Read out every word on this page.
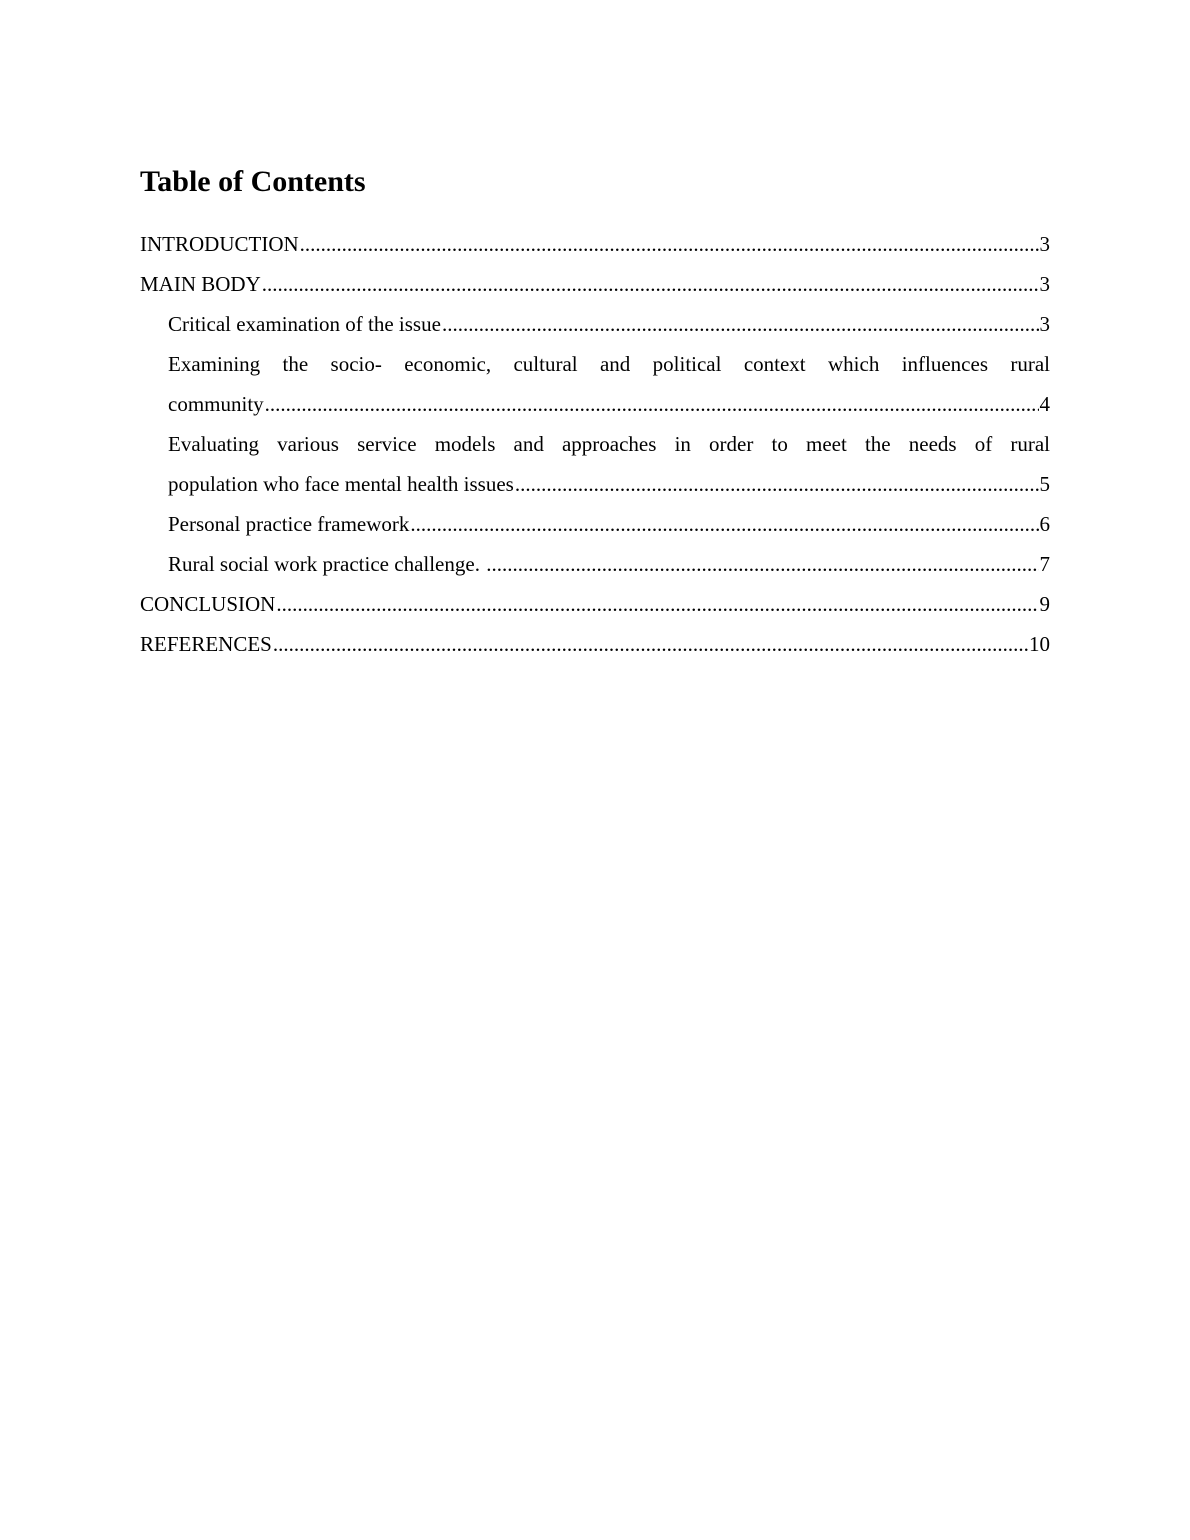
Table of Contents
INTRODUCTION .....	3
MAIN BODY .....	3
Critical examination of the issue .....	3
Examining the socio- economic, cultural and political context which influences rural
community .....	4
Evaluating various service models and approaches in order to meet the needs of rural
population who face mental health issues .....	5
Personal practice framework .....	6
Rural social work practice challenge. .....	7
CONCLUSION .....	9
REFERENCES .....	10
